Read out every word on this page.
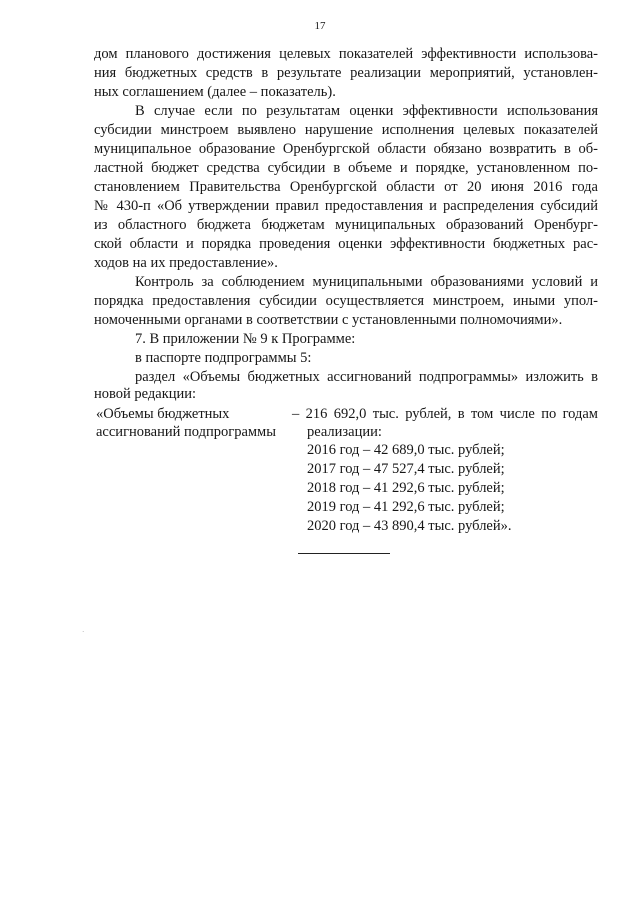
17
дом планового достижения целевых показателей эффективности использова-
ния бюджетных средств в результате реализации мероприятий, установлен-
ных соглашением (далее – показатель).
В случае если по результатам оценки эффективности использования
субсидии минстроем выявлено нарушение исполнения целевых показателей
муниципальное образование Оренбургской области обязано возвратить в об-
ластной бюджет средства субсидии в объеме и порядке, установленном по-
становлением Правительства Оренбургской области от 20 июня 2016 года
№ 430-п «Об утверждении правил предоставления и распределения субсидий
из областного бюджета бюджетам муниципальных образований Оренбург-
ской области и порядка проведения оценки эффективности бюджетных рас-
ходов на их предоставление».
Контроль за соблюдением муниципальными образованиями условий и
порядка предоставления субсидии осуществляется минстроем, иными упол-
номоченными органами в соответствии с установленными полномочиями».
7. В приложении № 9 к Программе:
в паспорте подпрограммы 5:
раздел «Объемы бюджетных ассигнований подпрограммы» изложить в
новой редакции:
«Объемы бюджетных
ассигнований подпрограммы
– 216 692,0 тыс. рублей, в том числе по годам
реализации:
2016 год – 42 689,0 тыс. рублей;
2017 год – 47 527,4 тыс. рублей;
2018 год – 41 292,6 тыс. рублей;
2019 год – 41 292,6 тыс. рублей;
2020 год – 43 890,4 тыс. рублей».
·
